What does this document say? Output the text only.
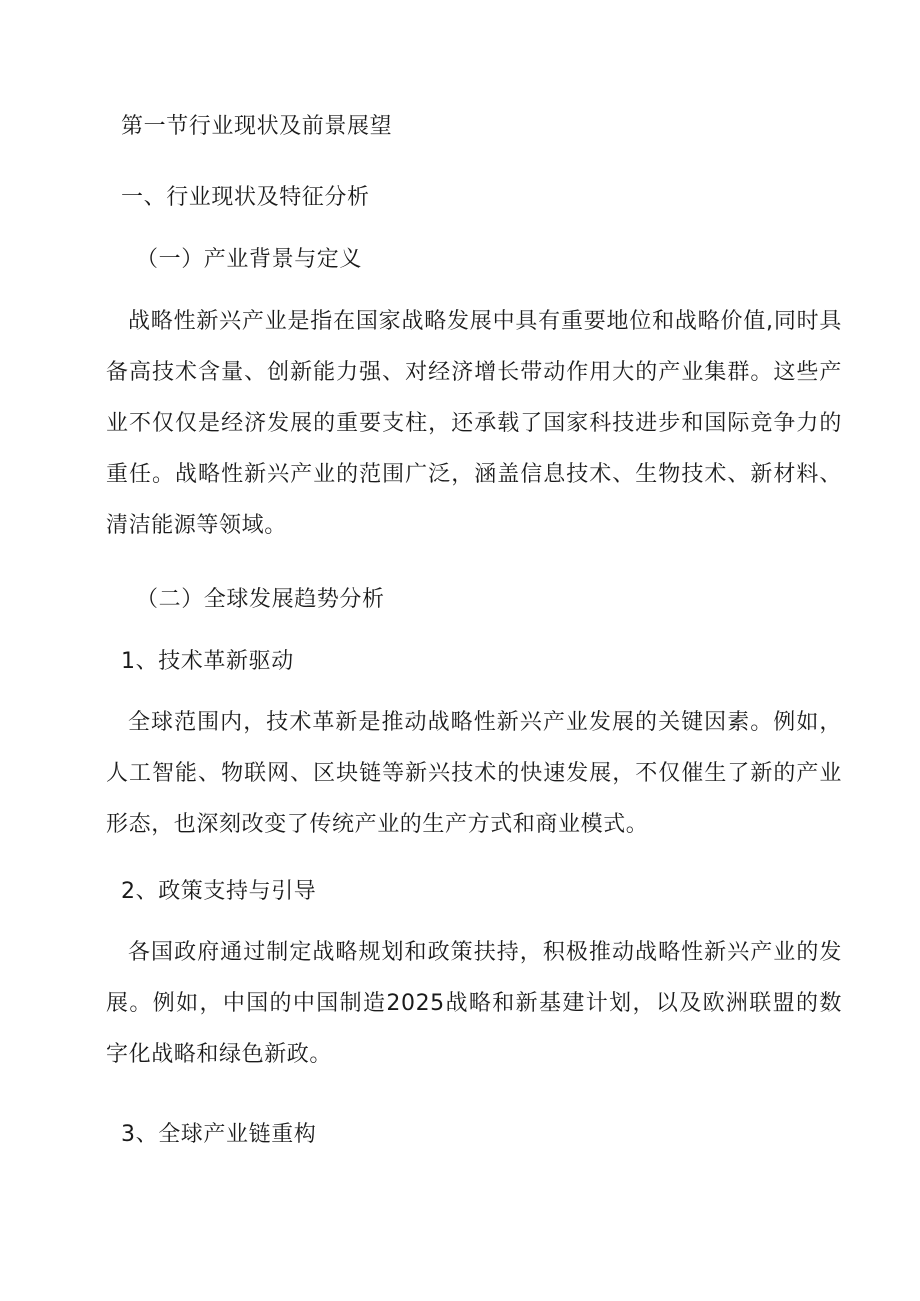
第一节行业现状及前景展望
一、行业现状及特征分析
（一）产业背景与定义
战略性新兴产业是指在国家战略发展中具有重要地位和战略价值,同时具备高技术含量、创新能力强、对经济增长带动作用大的产业集群。这些产业不仅仅是经济发展的重要支柱，还承载了国家科技进步和国际竞争力的重任。战略性新兴产业的范围广泛，涵盖信息技术、生物技术、新材料、清洁能源等领域。
（二）全球发展趋势分析
1、技术革新驱动
全球范围内，技术革新是推动战略性新兴产业发展的关键因素。例如，人工智能、物联网、区块链等新兴技术的快速发展，不仅催生了新的产业形态，也深刻改变了传统产业的生产方式和商业模式。
2、政策支持与引导
各国政府通过制定战略规划和政策扶持，积极推动战略性新兴产业的发展。例如，中国的中国制造2025战略和新基建计划，以及欧洲联盟的数字化战略和绿色新政。
3、全球产业链重构
